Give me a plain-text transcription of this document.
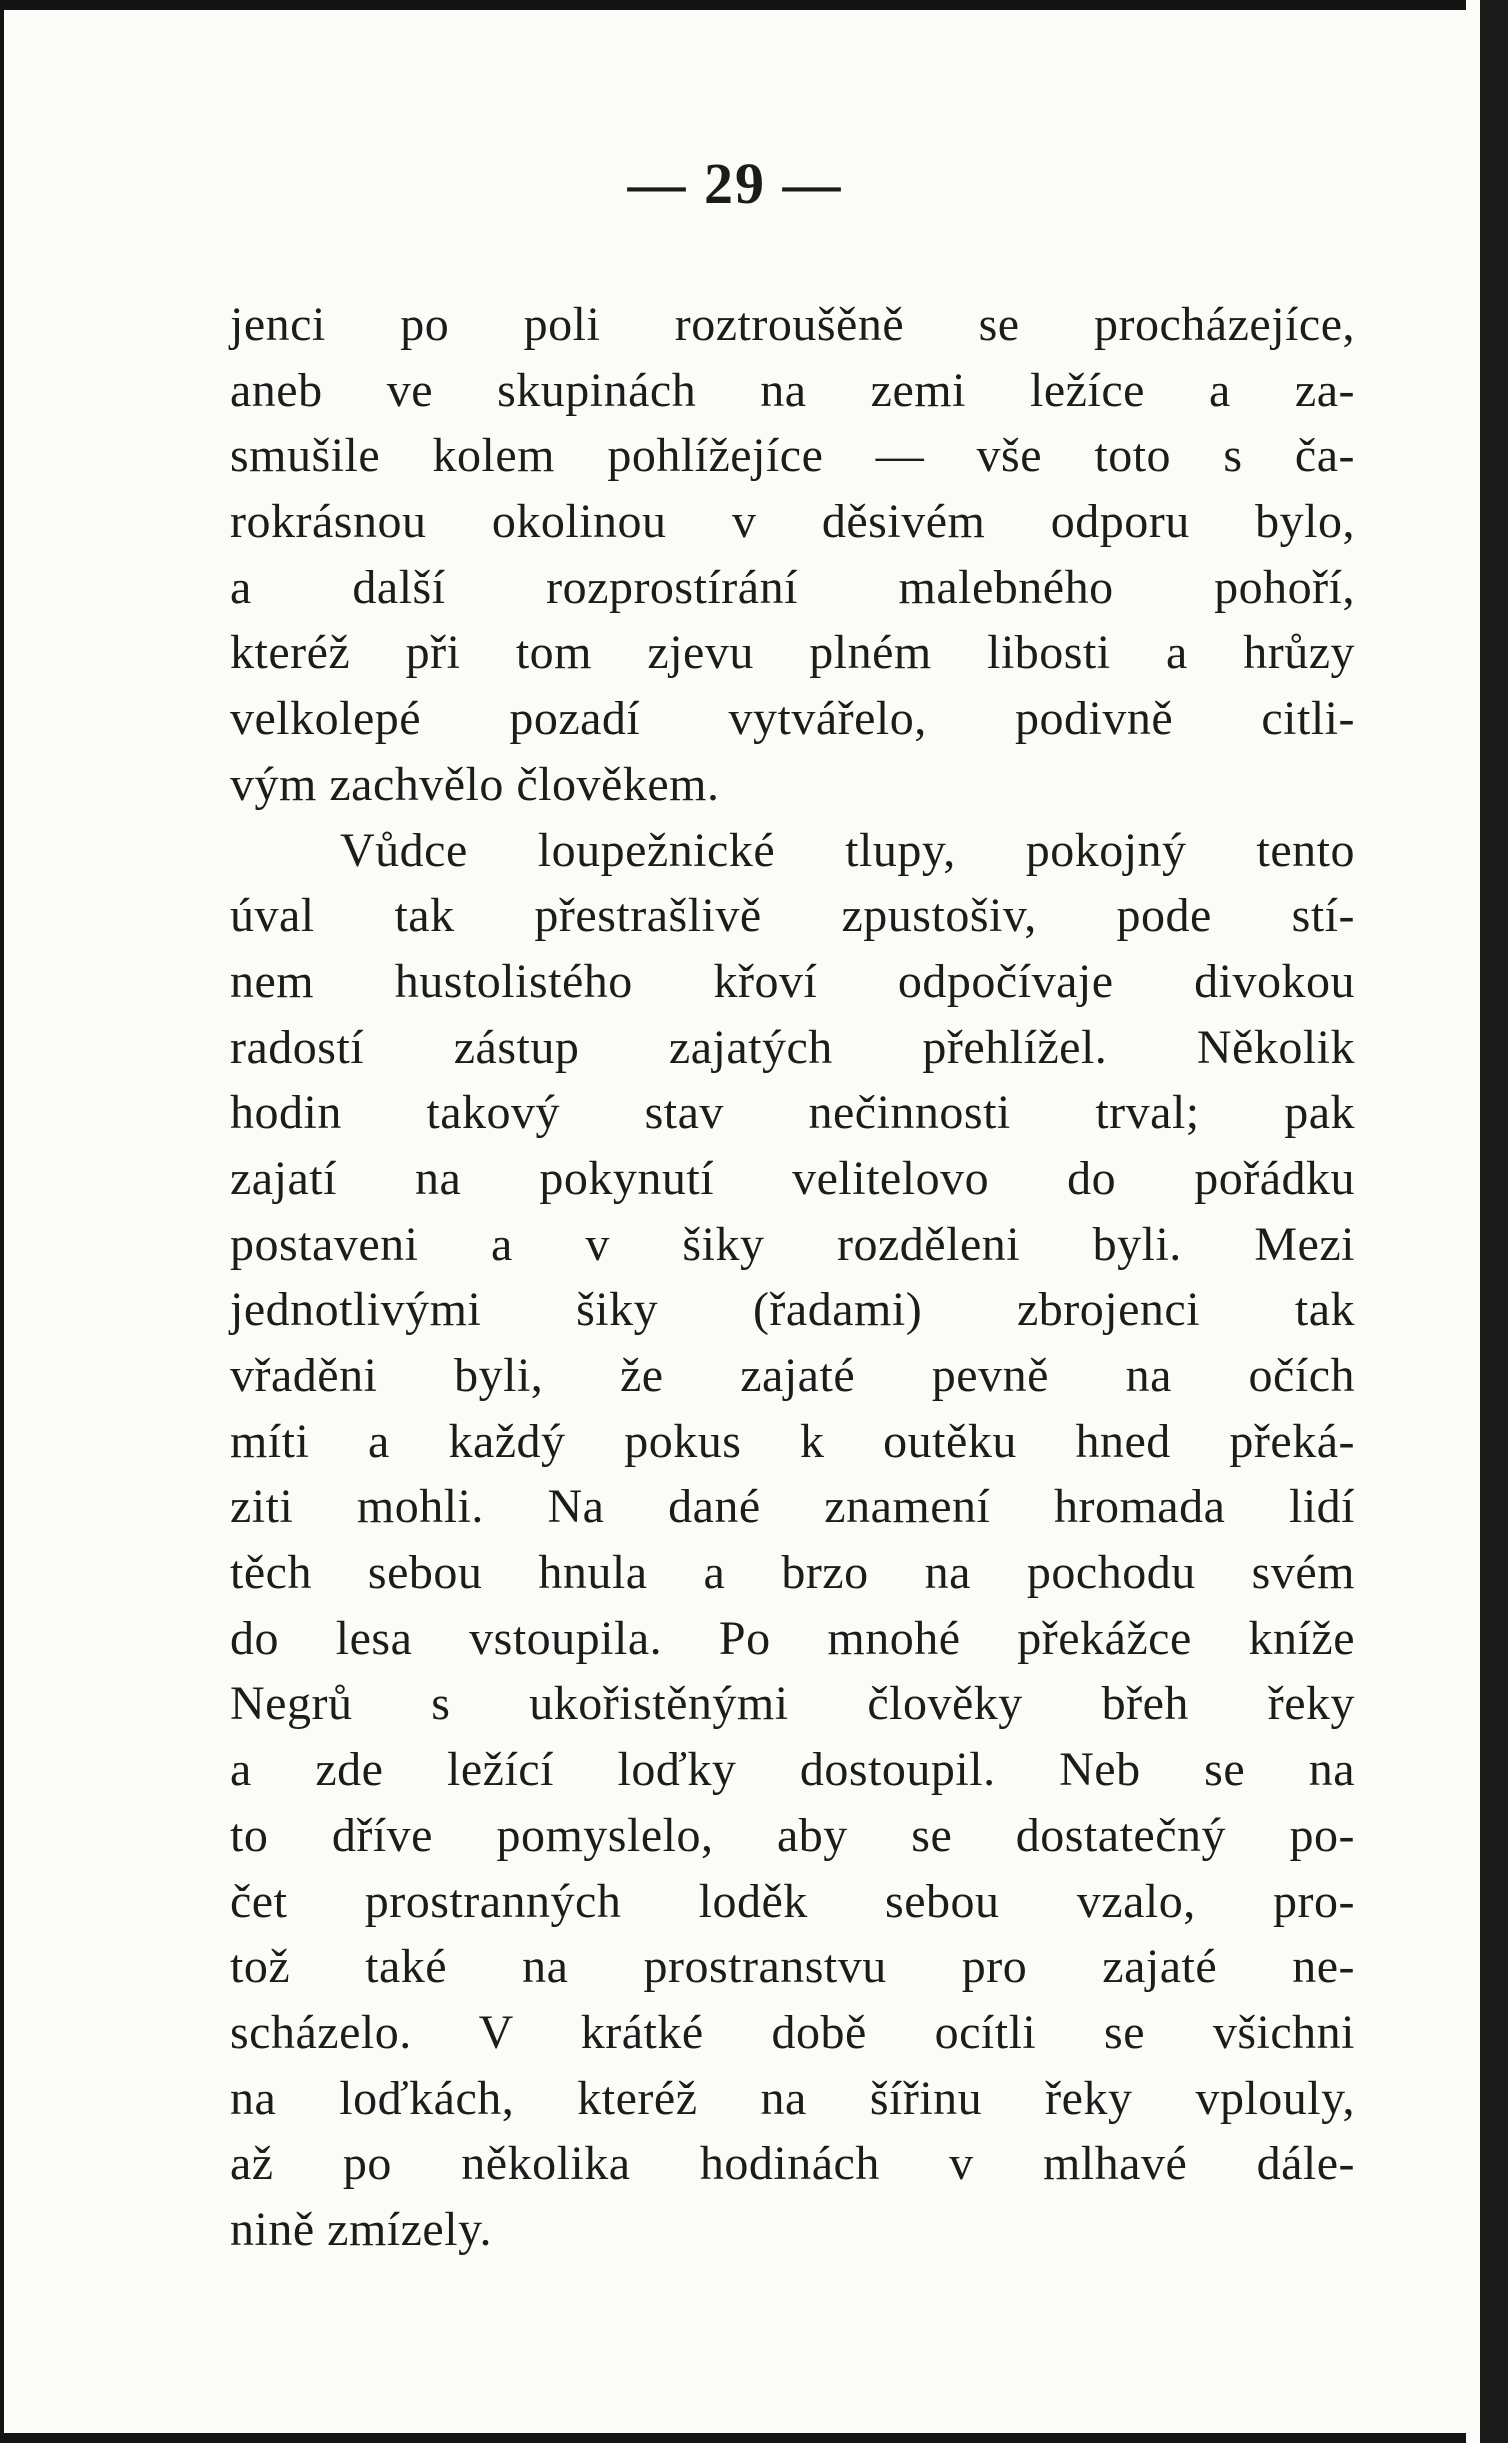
— 29 —
jenci po poli roztroušěně se procházejíce,
aneb ve skupinách na zemi ležíce a za-
smušile kolem pohlížejíce — vše toto s ča-
rokrásnou okolinou v děsivém odporu bylo,
a další rozprostírání malebného pohoří,
kteréž při tom zjevu plném libosti a hrůzy
velkolepé pozadí vytvářelo, podivně citli-
vým zachvělo člověkem.
Vůdce loupežnické tlupy, pokojný tento
úval tak přestrašlivě zpustošiv, pode stí-
nem hustolistého křoví odpočívaje divokou
radostí zástup zajatých přehlížel. Několik
hodin takový stav nečinnosti trval; pak
zajatí na pokynutí velitelovo do pořádku
postaveni a v šiky rozděleni byli. Mezi
jednotlivými šiky (řadami) zbrojenci tak
vřaděni byli, že zajaté pevně na očích
míti a každý pokus k outěku hned překá-
ziti mohli. Na dané znamení hromada lidí
těch sebou hnula a brzo na pochodu svém
do lesa vstoupila. Po mnohé překážce kníže
Negrů s ukořistěnými člověky břeh řeky
a zde ležící loďky dostoupil. Neb se na
to dříve pomyslelo, aby se dostatečný po-
čet prostranných loděk sebou vzalo, pro-
tož také na prostranstvu pro zajaté ne-
scházelo. V krátké době ocítli se všichni
na loďkách, kteréž na šířinu řeky vplouly,
až po několika hodinách v mlhavé dále-
nině zmízely.
